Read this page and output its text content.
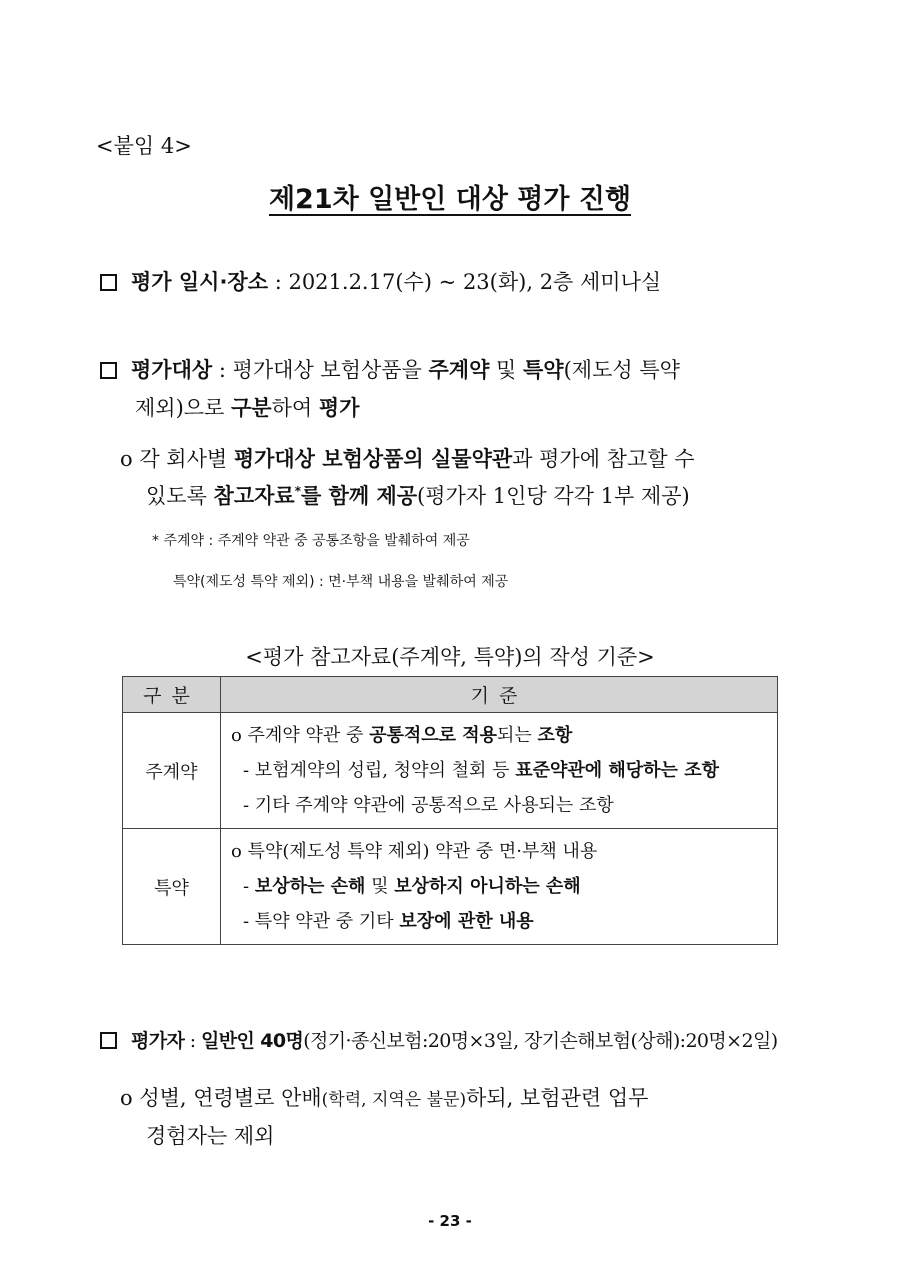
<붙임 4>
제21차 일반인 대상 평가 진행
평가 일시·장소 : 2021.2.17(수) ~ 23(화), 2층 세미나실
평가대상 : 평가대상 보험상품을 주계약 및 특약(제도성 특약
제외)으로 구분하여 평가
o 각 회사별 평가대상 보험상품의 실물약관과 평가에 참고할 수
있도록 참고자료*를 함께 제공(평가자 1인당 각각 1부 제공)
* 주계약 : 주계약 약관 중 공통조항을 발췌하여 제공
특약(제도성 특약 제외) : 면·부책 내용을 발췌하여 제공
<평가 참고자료(주계약, 특약)의 작성 기준>
구분	기준
주계약	o 주계약 약관 중 공통적으로 적용되는 조항
- 보험계약의 성립, 청약의 철회 등 표준약관에 해당하는 조항
- 기타 주계약 약관에 공통적으로 사용되는 조항

특약	o 특약(제도성 특약 제외) 약관 중 면·부책 내용
- 보상하는 손해 및 보상하지 아니하는 손해
- 특약 약관 중 기타 보장에 관한 내용
평가자 : 일반인 40명(정기·종신보험:20명×3일, 장기손해보험(상해):20명×2일)
o 성별, 연령별로 안배(학력, 지역은 불문)하되, 보험관련 업무
경험자는 제외
- 23 -
